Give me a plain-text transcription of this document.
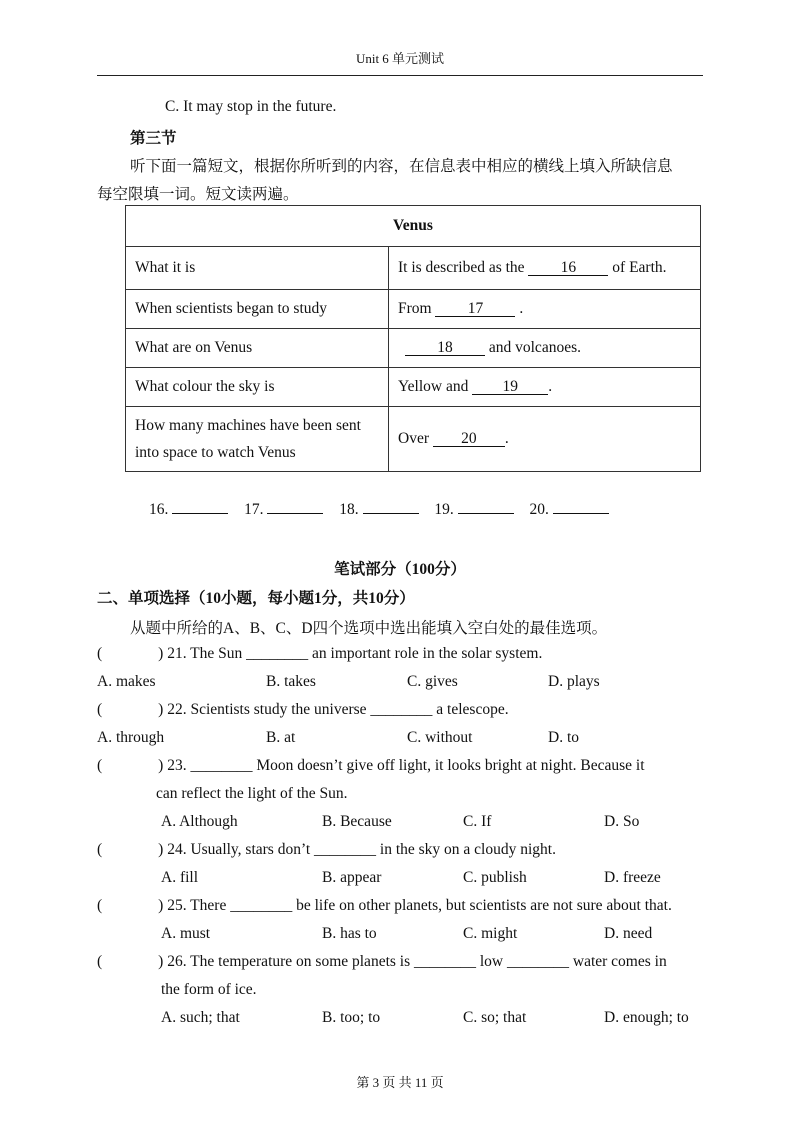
Unit 6 单元测试
C. It may stop in the future.
第三节
听下面一篇短文，根据你所听到的内容，在信息表中相应的横线上填入所缺信息
每空限填一词。短文读两遍。
Venus	
What it is	It is described as the 16 of Earth.
When scientists began to study	From 17 .
What are on Venus	18 and volcanoes.
What colour the sky is	Yellow and 19 .
How many machines have been sent into space to watch Venus	Over 20 .
16.	17.	18.	19.	20.
笔试部分（100分）
二、单项选择（10小题，每小题1分，共10分）
从题中所给的A、B、C、D四个选项中选出能填入空白处的最佳选项。
(	) 21. The Sun ________ an important role in the solar system.
A. makes	B. takes	C. gives	D. plays
(	) 22. Scientists study the universe ________ a telescope.
A. through	B. at	C. without	D. to
(	) 23. ________ Moon doesn’t give off light, it looks bright at night. Because it
can reflect the light of the Sun.
A. Although	B. Because	C. If	D. So
(	) 24. Usually, stars don’t ________ in the sky on a cloudy night.
A. fill	B. appear	C. publish	D. freeze
(	) 25. There ________ be life on other planets, but scientists are not sure about that.
A. must	B. has to	C. might	D. need
(	) 26. The temperature on some planets is ________ low ________ water comes in
the form of ice.
A. such; that	B. too; to	C. so; that	D. enough; to
第 3 页 共 11 页
